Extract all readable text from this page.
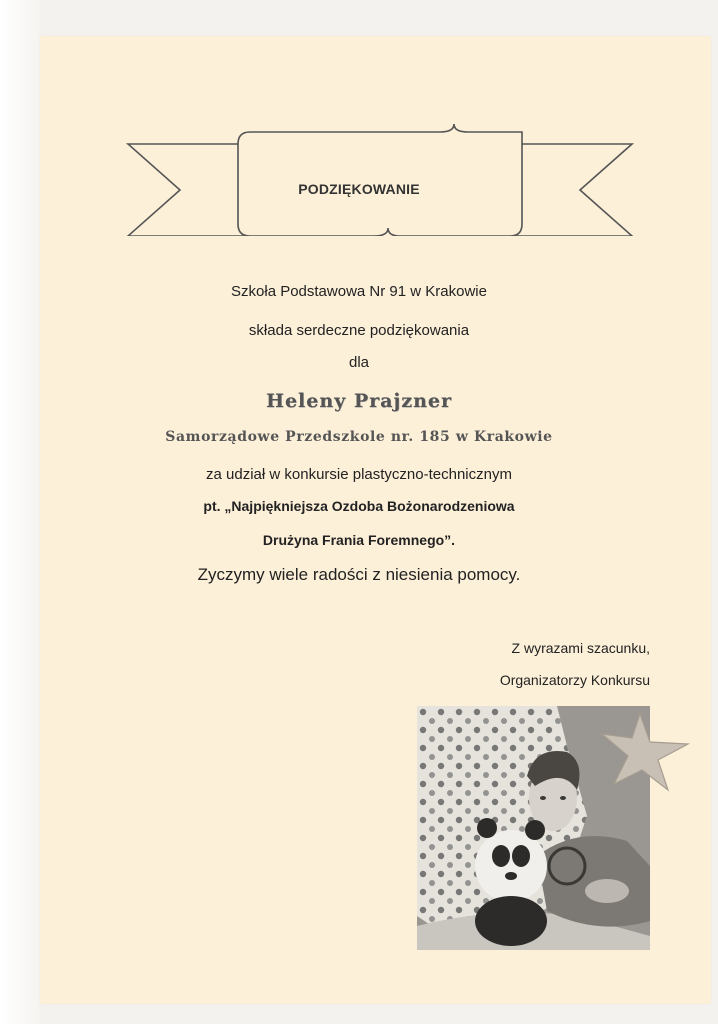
PODZIĘKOWANIE
Szkoła Podstawowa Nr 91 w Krakowie
składa serdeczne podziękowania
dla
Heleny Prajzner
Samorządowe Przedszkole nr. 185 w Krakowie
za udział w konkursie plastyczno-technicznym
pt. „Najpiękniejsza Ozdoba Bożonarodzeniowa
Drużyna Frania Foremnego”.
Zyczymy wiele radości z niesienia pomocy.
Z wyrazami szacunku,
Organizatorzy Konkursu
